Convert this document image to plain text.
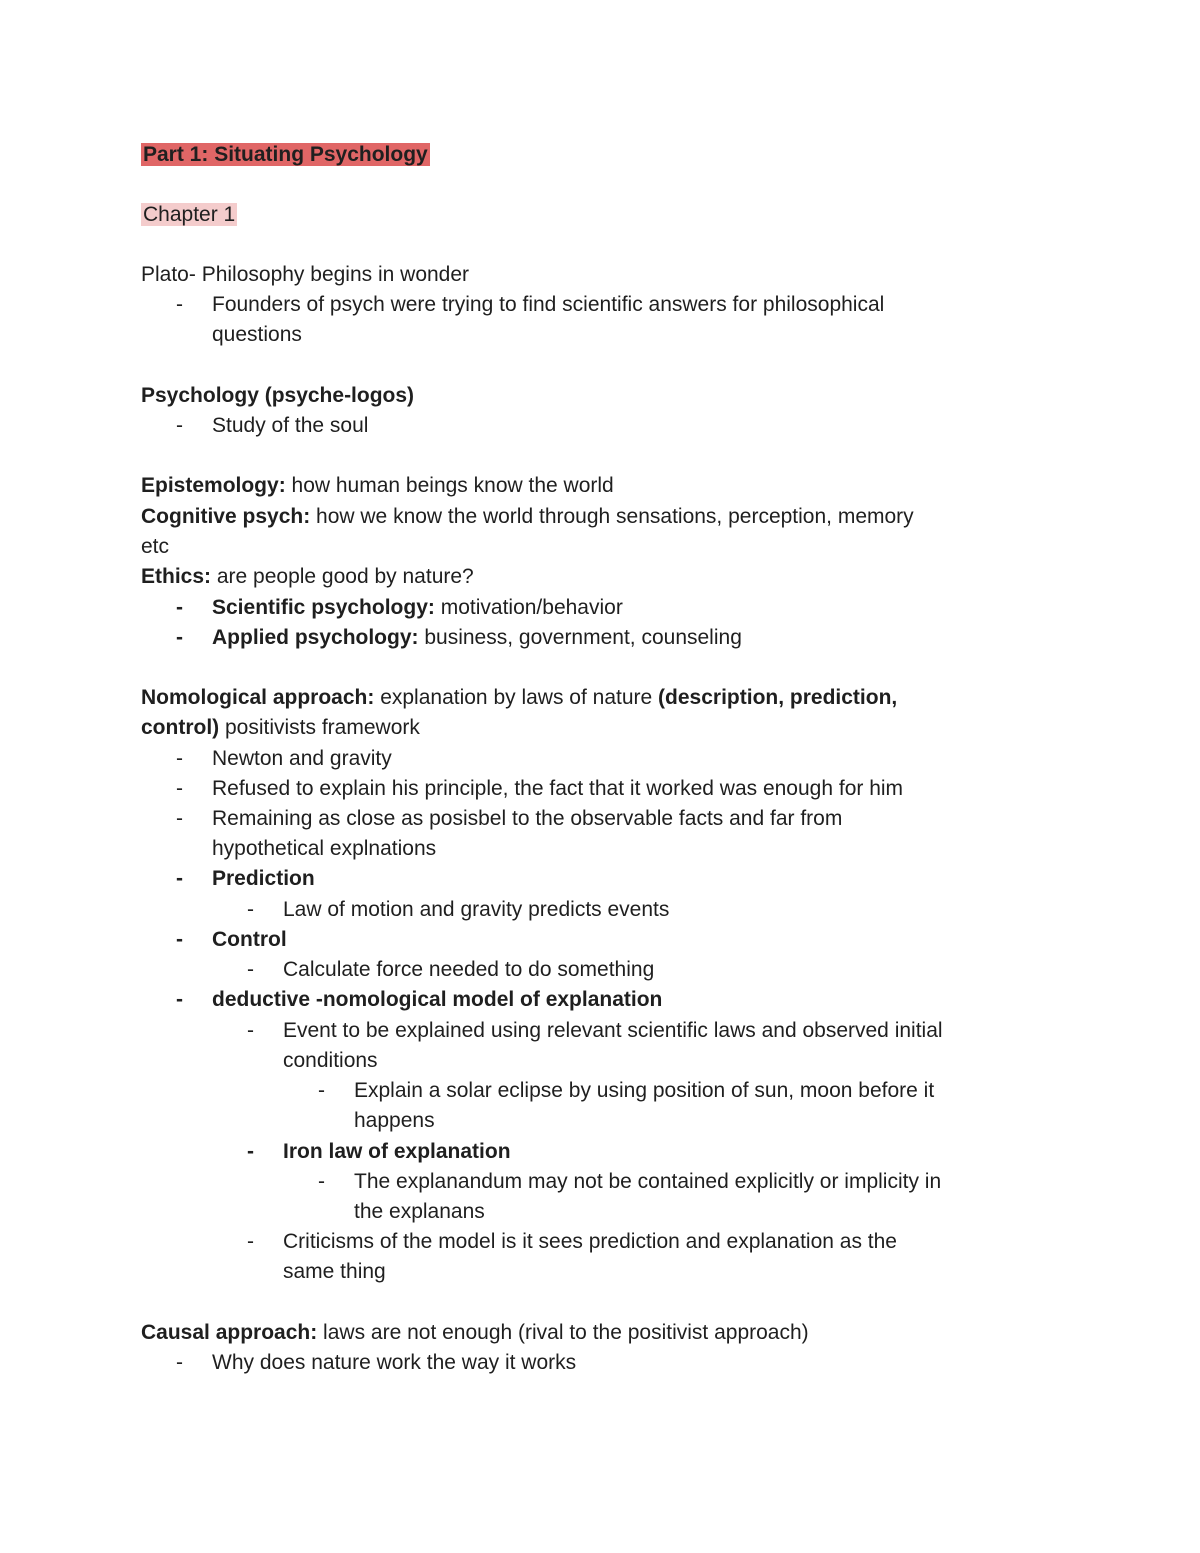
Part 1: Situating Psychology
Chapter 1
Plato- Philosophy begins in wonder
- Founders of psych were trying to find scientific answers for philosophical
questions
Psychology (psyche-logos)
- Study of the soul
Epistemology: how human beings know the world
Cognitive psych: how we know the world through sensations, perception, memory
etc
Ethics: are people good by nature?
- Scientific psychology: motivation/behavior
- Applied psychology: business, government, counseling
Nomological approach: explanation by laws of nature (description, prediction,
control) positivists framework
- Newton and gravity
- Refused to explain his principle, the fact that it worked was enough for him
- Remaining as close as posisbel to the observable facts and far from
hypothetical explnations
- Prediction
- Law of motion and gravity predicts events
- Control
- Calculate force needed to do something
- deductive -nomological model of explanation
- Event to be explained using relevant scientific laws and observed initial
conditions
- Explain a solar eclipse by using position of sun, moon before it
happens
- Iron law of explanation
- The explanandum may not be contained explicitly or implicity in
the explanans
- Criticisms of the model is it sees prediction and explanation as the
same thing
Causal approach: laws are not enough (rival to the positivist approach)
- Why does nature work the way it works
